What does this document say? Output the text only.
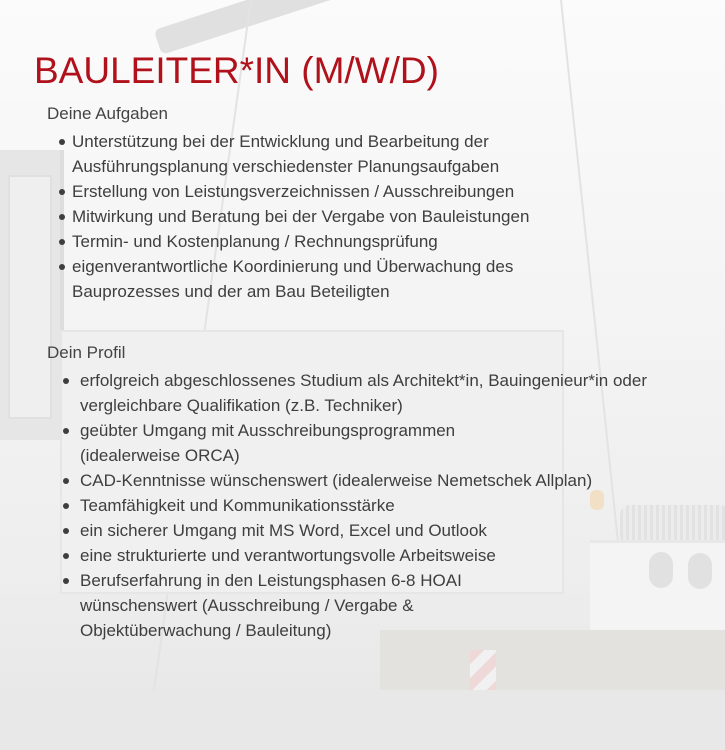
BAULEITER*IN (M/W/D)
Deine Aufgaben
Unterstützung bei der Entwicklung und Bearbeitung der Ausführungsplanung verschiedenster Planungsaufgaben
Erstellung von Leistungsverzeichnissen / Ausschreibungen
Mitwirkung und Beratung bei der Vergabe von Bauleistungen
Termin- und Kostenplanung / Rechnungsprüfung
eigenverantwortliche Koordinierung und Überwachung des Bauprozesses und der am Bau Beteiligten
Dein Profil
erfolgreich abgeschlossenes Studium als Architekt*in, Bauingenieur*in oder vergleichbare Qualifikation (z.B. Techniker)
geübter Umgang mit Ausschreibungsprogrammen (idealerweise ORCA)
CAD-Kenntnisse wünschenswert (idealerweise Nemetschek Allplan)
Teamfähigkeit und Kommunikationsstärke
ein sicherer Umgang mit MS Word, Excel und Outlook
eine strukturierte und verantwortungsvolle Arbeitsweise
Berufserfahrung in den Leistungsphasen 6-8 HOAI wünschenswert (Ausschreibung / Vergabe & Objektüberwachung / Bauleitung)
